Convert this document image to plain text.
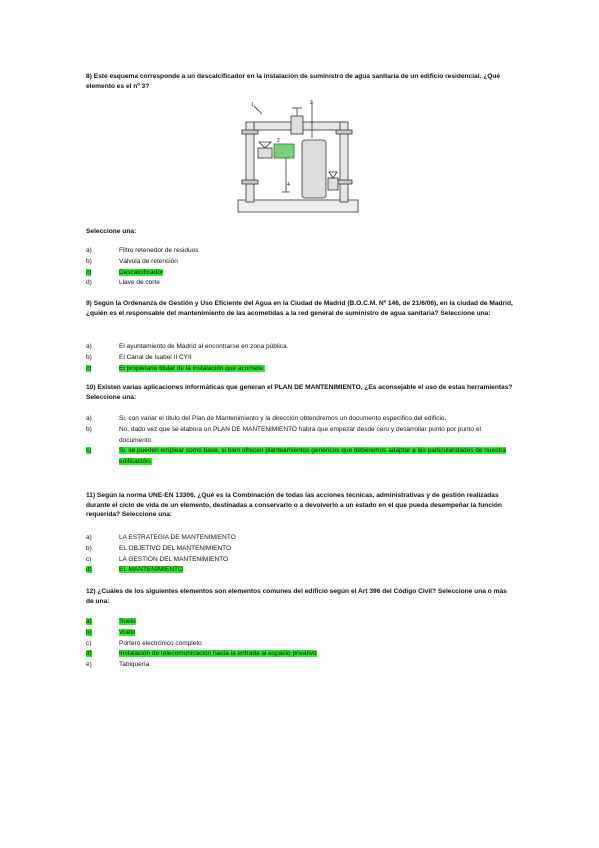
8) Este esquema corresponde a un descalcificador en la instalación de suministro de agua sanitaria de un edificio residencial. ¿Qué elemento es el nº 3?
1
2
3
4
Seleccione una:
a)	Filtro retenedor de residuos
b)	Válvula de retención
c)	Descalcificador
d)	Llave de corte
9) Según la Ordenanza de Gestión y Uso Eficiente del Agua en la Ciudad de Madrid (B.O.C.M. Nº 146, de 21/6/06), en la ciudad de Madrid, ¿quién es el responsable del mantenimiento de las acometidas a la red general de suministro de agua sanitaria? Seleccione una:
a)	El ayuntamiento de Madrid al encontrarse en zona pública.
b)	El Canal de Isabel II CYII
c)	El propietario titular de la instalación que acomete.
10) Existen varias aplicaciones informáticas que generan el PLAN DE MANTENIMIENTO, ¿Es aconsejable el uso de estas herramientas? Seleccione una:
a)	Si, con variar el título del Plan de Mantenimiento y la dirección obtendremos un documento específico del edificio.
b)	No, dado vez que se elabora un PLAN DE MANTENIMIENTO habrá que empezar desde cero y desarrollar punto por punto el documento.
c)	Si, se pueden emplear como base, si bien ofrecen planteamientos genéricos que deberemos adaptar a las particularidades de nuestra edificación.
11) Según la norma UNE-EN 13306. ¿Qué es la Combinación de todas las acciones técnicas, administrativas y de gestión realizadas durante el ciclo de vida de un elemento, destinadas a conservarlo o a devolverlo a un estado en el que pueda desempeñar la función requerida? Seleccione una:
a)	LA ESTRATEGIA DE MANTENIMIENTO
b)	EL OBJETIVO DEL MANTENIMIENTO
c)	LA GESTIÓN DEL MANTENIMIENTO
d)	EL MANTENIMIENTO
12) ¿Cuáles de los siguientes elementos son elementos comunes del edificio según el Art 396 del Código Civil? Seleccione una o más de una:
a)	Suelo
b)	Vuelo
c)	Portero electrónico completo
d)	Instalación de telecomunicación hasta la entrada al espacio privativo
e)	Tabiquería
